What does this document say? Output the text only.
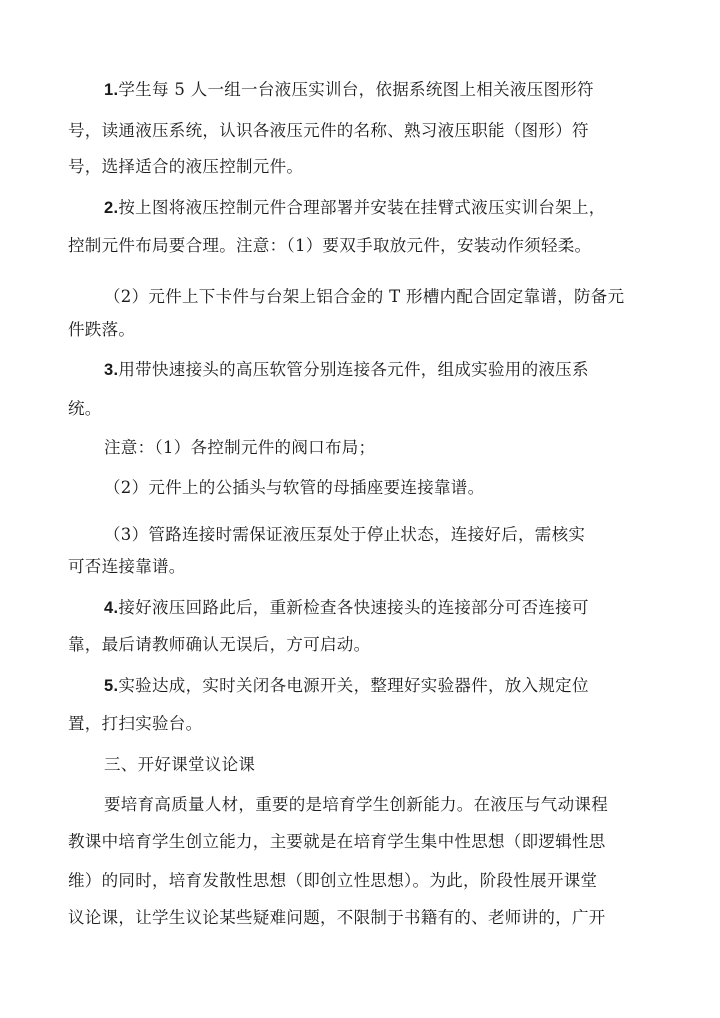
1.学生每 5 人一组一台液压实训台，依据系统图上相关液压图形符
号，读通液压系统，认识各液压元件的名称、熟习液压职能（图形）符
号，选择适合的液压控制元件。
2.按上图将液压控制元件合理部署并安装在挂臂式液压实训台架上，
控制元件布局要合理。注意：（1）要双手取放元件，安装动作须轻柔。
（2）元件上下卡件与台架上铝合金的 T 形槽内配合固定靠谱，防备元
件跌落。
3.用带快速接头的高压软管分别连接各元件，组成实验用的液压系
统。
注意：（1）各控制元件的阀口布局；
（2）元件上的公插头与软管的母插座要连接靠谱。
（3）管路连接时需保证液压泵处于停止状态，连接好后，需核实
可否连接靠谱。
4.接好液压回路此后，重新检查各快速接头的连接部分可否连接可
靠，最后请教师确认无误后，方可启动。
5.实验达成，实时关闭各电源开关，整理好实验器件，放入规定位
置，打扫实验台。
三、开好课堂议论课
要培育高质量人材，重要的是培育学生创新能力。在液压与气动课程
教课中培育学生创立能力，主要就是在培育学生集中性思想（即逻辑性思
维）的同时，培育发散性思想（即创立性思想）。为此，阶段性展开课堂
议论课，让学生议论某些疑难问题，不限制于书籍有的、老师讲的，广开
